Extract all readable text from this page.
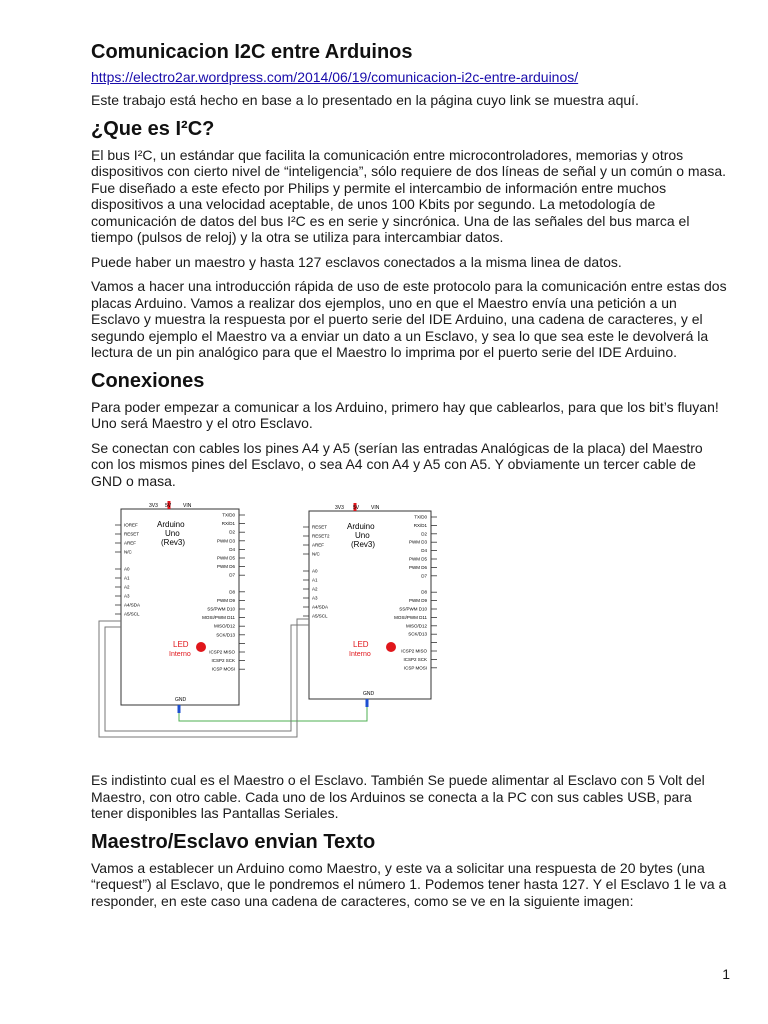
Comunicacion I2C entre Arduinos
https://electro2ar.wordpress.com/2014/06/19/comunicacion-i2c-entre-arduinos/

Este trabajo está hecho en base a lo presentado en la página cuyo link se muestra aquí.

¿Que es I²C?

El bus I²C, un estándar que facilita la comunicación entre microcontroladores, memorias y otros dispositivos con cierto nivel de “inteligencia”, sólo requiere de dos líneas de señal y un común o masa. Fue diseñado a este efecto por Philips y permite el intercambio de información entre muchos dispositivos a una velocidad aceptable, de unos 100 Kbits por segundo. La metodología de comunicación de datos del bus I²C es en serie y sincrónica. Una de las señales del bus marca el tiempo (pulsos de reloj) y la otra se utiliza para intercambiar datos.

Puede haber un maestro y hasta 127 esclavos conectados a la misma linea de datos.

Vamos a hacer una introducción rápida de uso de este protocolo para la comunicación entre estas dos placas Arduino. Vamos a realizar dos ejemplos, uno en que el Maestro envía una petición a un Esclavo y muestra la respuesta por el puerto serie del IDE Arduino, una cadena de caracteres, y el segundo ejemplo el Maestro va a enviar un dato a un Esclavo, y sea lo que sea este le devolverá la lectura de un pin analógico para que el Maestro lo imprima por el puerto serie del IDE Arduino.

Conexiones

Para poder empezar a comunicar a los Arduino, primero hay que cablearlos, para que los bit’s fluyan! Uno será Maestro y el otro Esclavo.

Se conectan con cables los pines A4 y A5 (serían las entradas Analógicas de la placa) del Maestro con los mismos pines del Esclavo, o sea A4 con A4 y A5 con A5. Y obviamente un tercer cable de GND o masa.

3V3 5V VIN
Arduino
Uno
(Rev3)
IOREF
RESET
AREF
N/C
A0
A1
A2
A3
A4/SDA
A5/SCL
TX/D0
RX/D1
D2
PWM D3
D4
PWM D5
PWM D6
D7
D8
PWM D9
SS/PWM D10
MOSI/PWM D11
MISO/D12
SCK/D13
ICSP2 MISO
ICSP2 SCK
ICSP MOSI
LED
Interno
GND
3V3 5V VIN
Arduino
Uno
(Rev3)
RESET
RESET2
AREF
N/C
A0
A1
A2
A3
A4/SDA
A5/SCL
TX/D0
RX/D1
D2
PWM D3
D4
PWM D5
PWM D6
D7
D8
PWM D9
SS/PWM D10
MOSI/PWM D11
MISO/D12
SCK/D13
ICSP2 MISO
ICSP2 SCK
ICSP MOSI
LED
Interno
GND

Es indistinto cual es el Maestro o el Esclavo. También Se puede alimentar al Esclavo con 5 Volt del Maestro, con otro cable. Cada uno de los Arduinos se conecta a la PC con sus cables USB, para tener disponibles las Pantallas Seriales.

Maestro/Esclavo envian Texto

Vamos a establecer un Arduino como Maestro, y este va a solicitar una respuesta de 20 bytes (una “request”) al Esclavo, que le pondremos el número 1. Podemos tener hasta 127. Y el Esclavo 1 le va a responder, en este caso una cadena de caracteres, como se ve en la siguiente imagen:

1
